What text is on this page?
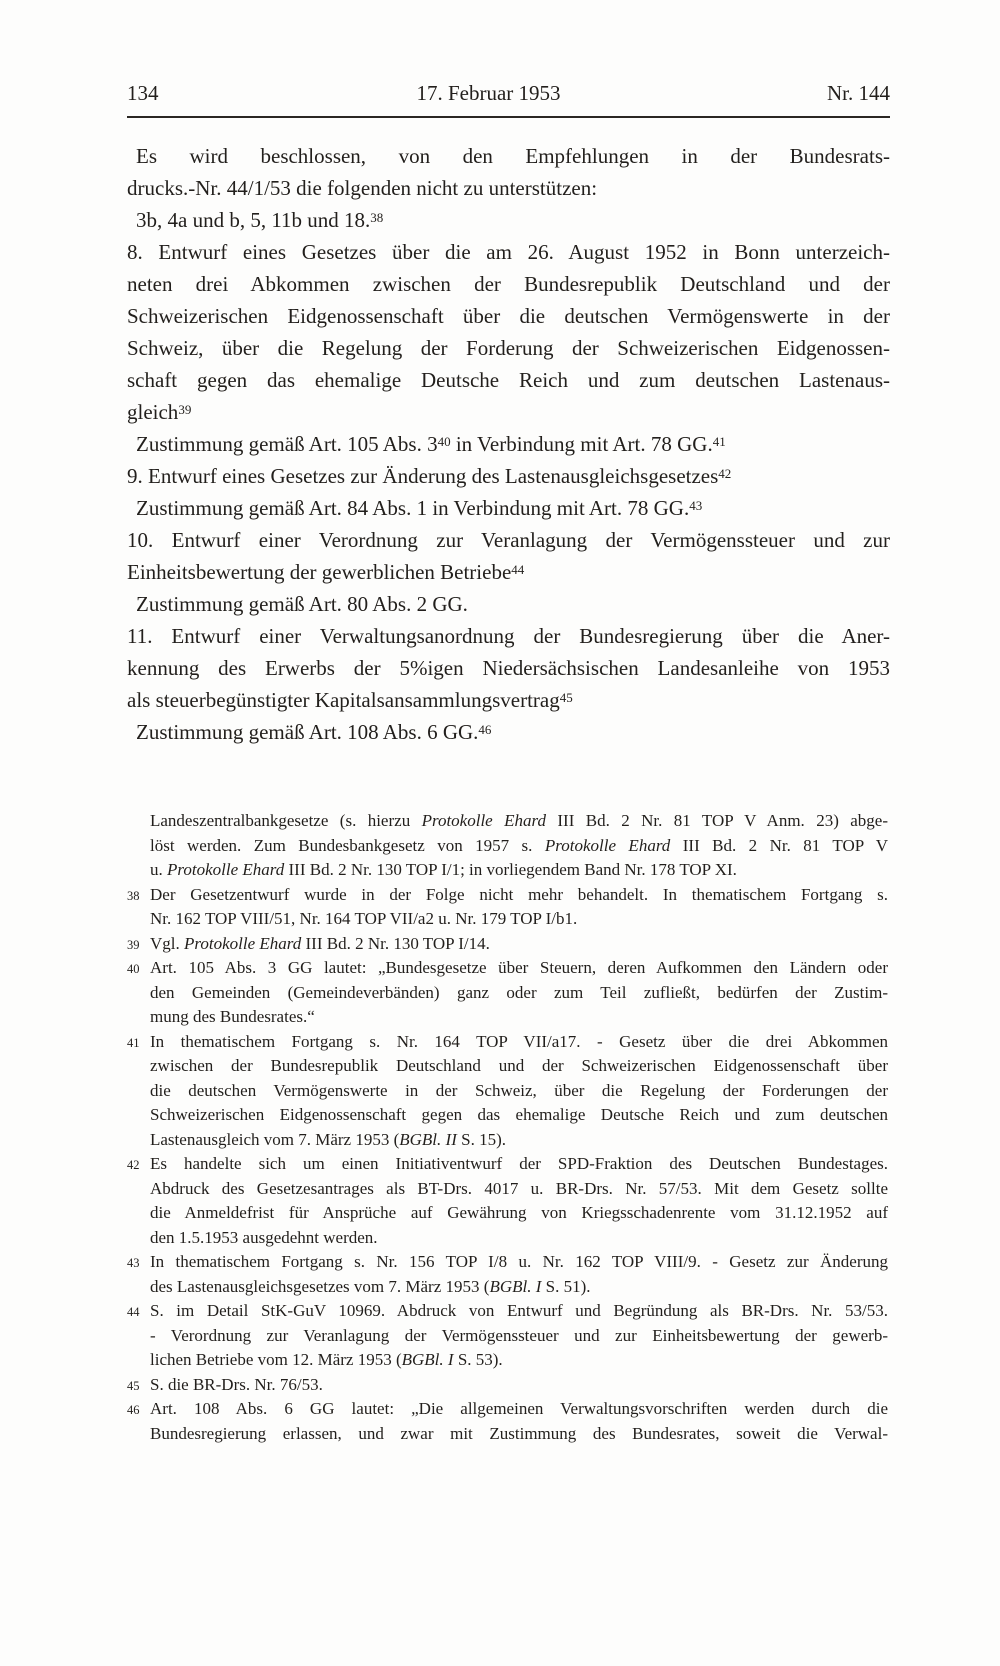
134	17. Februar 1953	Nr. 144
Es wird beschlossen, von den Empfehlungen in der Bundesrats-
drucks.-Nr. 44/1/53 die folgenden nicht zu unterstützen:
3b, 4a und b, 5, 11b und 18.38
8. Entwurf eines Gesetzes über die am 26. August 1952 in Bonn unterzeich-
neten drei Abkommen zwischen der Bundesrepublik Deutschland und der
Schweizerischen Eidgenossenschaft über die deutschen Vermögenswerte in der
Schweiz, über die Regelung der Forderung der Schweizerischen Eidgenossen-
schaft gegen das ehemalige Deutsche Reich und zum deutschen Lastenaus-
gleich$^{39}$
Zustimmung gemäß Art. 105 Abs. $3^{40}$ in Verbindung mit Art. 78 GG.$^{41}$
9. Entwurf eines Gesetzes zur Änderung des Lastenausgleichsgesetzes$^{42}$
Zustimmung gemäß Art. 84 Abs. 1 in Verbindung mit Art. 78 GG.$^{43}$
10. Entwurf einer Verordnung zur Veranlagung der Vermögenssteuer und zur
Einheitsbewertung der gewerblichen Betriebe$^{44}$
Zustimmung gemäß Art. 80 Abs. 2 GG.
11. Entwurf einer Verwaltungsanordnung der Bundesregierung über die Aner-
kennung des Erwerbs der 5%igen Niedersächsischen Landesanleihe von 1953
als steuerbegünstigter Kapitalsansammlungsvertrag$^{45}$
Zustimmung gemäß Art. 108 Abs. 6 GG.$^{46}$
Landeszentralbankgesetze (s. hierzu Protokolle Ehard III Bd. 2 Nr. 81 TOP V Anm. 23) abge-
löst werden. Zum Bundesbankgesetz von 1957 s. Protokolle Ehard III Bd. 2 Nr. 81 TOP V
u. Protokolle Ehard III Bd. 2 Nr. 130 TOP I/1; in vorliegendem Band Nr. 178 TOP XI.
38 Der Gesetzentwurf wurde in der Folge nicht mehr behandelt. In thematischem Fortgang s.
Nr. 162 TOP VIII/51, Nr. 164 TOP VII/a2 u. Nr. 179 TOP I/b1.
39 Vgl. Protokolle Ehard III Bd. 2 Nr. 130 TOP I/14.
40 Art. 105 Abs. 3 GG lautet: „Bundesgesetze über Steuern, deren Aufkommen den Ländern oder
den Gemeinden (Gemeindeverbänden) ganz oder zum Teil zufließt, bedürfen der Zustim-
mung des Bundesrates.“
41 In thematischem Fortgang s. Nr. 164 TOP VII/a17. - Gesetz über die drei Abkommen
zwischen der Bundesrepublik Deutschland und der Schweizerischen Eidgenossenschaft über
die deutschen Vermögenswerte in der Schweiz, über die Regelung der Forderungen der
Schweizerischen Eidgenossenschaft gegen das ehemalige Deutsche Reich und zum deutschen
Lastenausgleich vom 7. März 1953 (BGBl. II S. 15).
42 Es handelte sich um einen Initiativentwurf der SPD-Fraktion des Deutschen Bundestages.
Abdruck des Gesetzesantrages als BT-Drs. 4017 u. BR-Drs. Nr. 57/53. Mit dem Gesetz sollte
die Anmeldefrist für Ansprüche auf Gewährung von Kriegsschadenrente vom 31.12.1952 auf
den 1.5.1953 ausgedehnt werden.
43 In thematischem Fortgang s. Nr. 156 TOP I/8 u. Nr. 162 TOP VIII/9. - Gesetz zur Änderung
des Lastenausgleichsgesetzes vom 7. März 1953 (BGBl. I S. 51).
44 S. im Detail StK-GuV 10969. Abdruck von Entwurf und Begründung als BR-Drs. Nr. 53/53.
- Verordnung zur Veranlagung der Vermögenssteuer und zur Einheitsbewertung der gewerb-
lichen Betriebe vom 12. März 1953 (BGBl. I S. 53).
45 S. die BR-Drs. Nr. 76/53.
46 Art. 108 Abs. 6 GG lautet: „Die allgemeinen Verwaltungsvorschriften werden durch die
Bundesregierung erlassen, und zwar mit Zustimmung des Bundesrates, soweit die Verwal-
